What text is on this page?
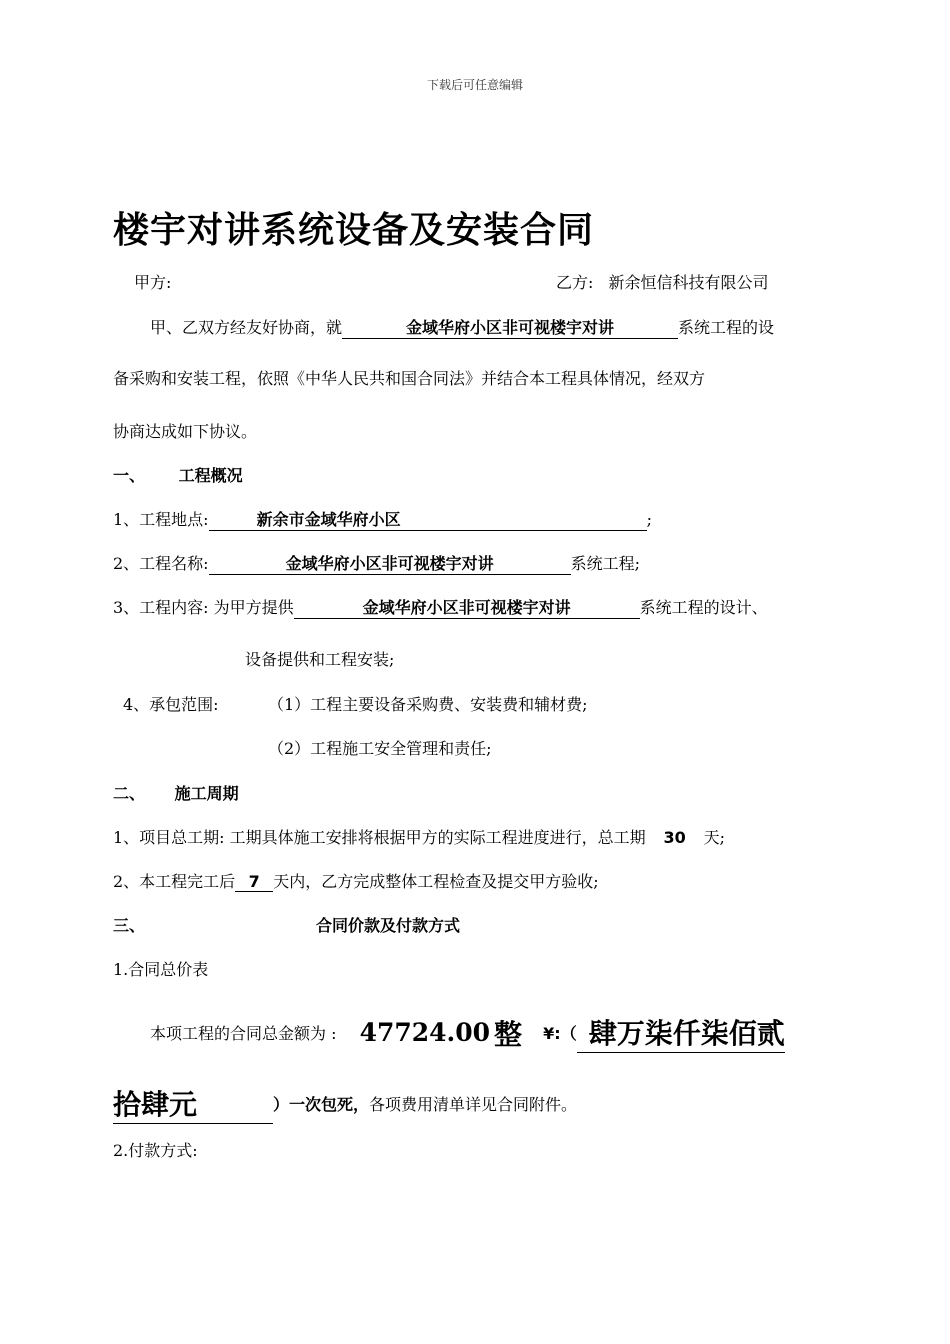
下载后可任意编辑
楼宇对讲系统设备及安装合同
甲方:	乙方: 新余恒信科技有限公司
甲、乙双方经友好协商，就	金域华府小区非可视楼宇对讲	系统工程的设
备采购和安装工程，依照《中华人民共和国合同法》并结合本工程具体情况，经双方
协商达成如下协议。
一、 工程概况
1、工程地点:	新余市金域华府小区	;
2、工程名称:	金域华府小区非可视楼宇对讲	系统工程;
3、工程内容: 为甲方提供	金域华府小区非可视楼宇对讲	系统工程的设计、
设备提供和工程安装;
4、承包范围:	（1）工程主要设备采购费、安装费和辅材费;
（2）工程施工安全管理和责任;
二、 施工周期
1、项目总工期: 工期具体施工安排将根据甲方的实际工程进度进行，总工期 30 天;
2、本工程完工后 7 天内，乙方完成整体工程检查及提交甲方验收;
三、	合同价款及付款方式
1.合同总价表
本项工程的合同总金额为 : 47724.00 整 ¥:（ 肆万柒仟柒佰贰
拾肆元	）一次包死，各项费用清单详见合同附件。
2.付款方式:
